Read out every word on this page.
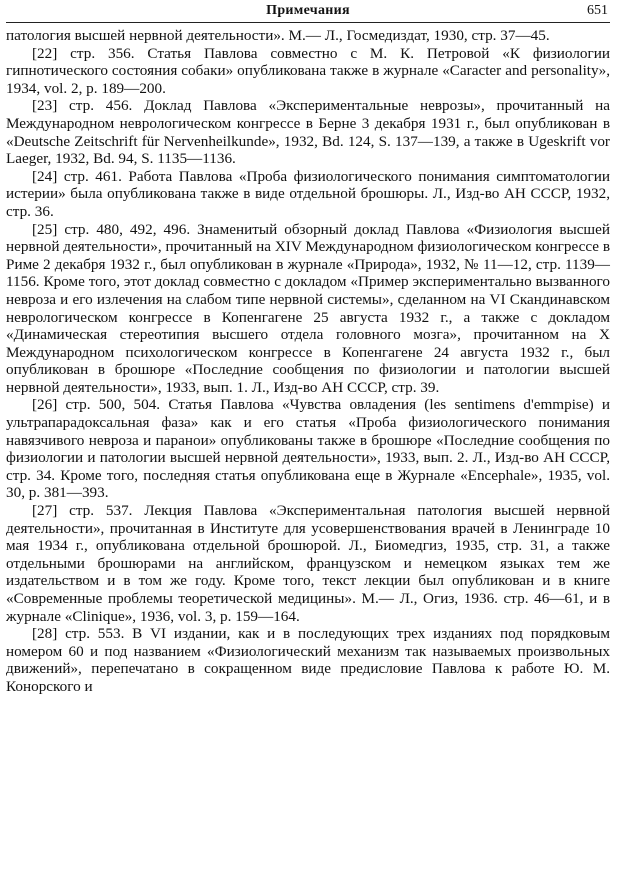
Примечания	651

патология высшей нервной деятельности». М.— Л., Госмедиздат, 1930, стр. 37—45.

[22] стр. 356. Статья Павлова совместно с М. К. Петровой «К физиологии гипнотического состояния собаки» опубликована также в журнале «Caracter and personality», 1934, vol. 2, p. 189—200.

[23] стр. 456. Доклад Павлова «Экспериментальные неврозы», прочитанный на Международном неврологическом конгрессе в Берне 3 декабря 1931 г., был опубликован в «Deutsche Zeitschrift für Nervenheilkunde», 1932, Bd. 124, S. 137—139, а также в Ugeskrift vor Laeger, 1932, Bd. 94, S. 1135—1136.

[24] стр. 461. Работа Павлова «Проба физиологического понимания симптоматологии истерии» была опубликована также в виде отдельной брошюры. Л., Изд-во АН СССР, 1932, стр. 36.

[25] стр. 480, 492, 496. Знаменитый обзорный доклад Павлова «Физиология высшей нервной деятельности», прочитанный на XIV Международном физиологическом конгрессе в Риме 2 декабря 1932 г., был опубликован в журнале «Природа», 1932, № 11—12, стр. 1139—1156. Кроме того, этот доклад совместно с докладом «Пример экспериментально вызванного невроза и его излечения на слабом типе нервной системы», сделанном на VI Скандинавском неврологическом конгрессе в Копенгагене 25 августа 1932 г., а также с докладом «Динамическая стереотипия высшего отдела головного мозга», прочитанном на X Международном психологическом конгрессе в Копенгагене 24 августа 1932 г., был опубликован в брошюре «Последние сообщения по физиологии и патологии высшей нервной деятельности», 1933, вып. 1. Л., Изд-во АН СССР, стр. 39.

[26] стр. 500, 504. Статья Павлова «Чувства овладения (les sentimens d'emmpise) и ультрапарадоксальная фаза» как и его статья «Проба физиологического понимания навязчивого невроза и паранои» опубликованы также в брошюре «Последние сообщения по физиологии и патологии высшей нервной деятельности», 1933, вып. 2. Л., Изд-во АН СССР, стр. 34. Кроме того, последняя статья опубликована еще в Журнале «Encephale», 1935, vol. 30, p. 381—393.

[27] стр. 537. Лекция Павлова «Экспериментальная патология высшей нервной деятельности», прочитанная в Институте для усовершенствования врачей в Ленинграде 10 мая 1934 г., опубликована отдельной брошюрой. Л., Биомедгиз, 1935, стр. 31, а также отдельными брошюрами на английском, французском и немецком языках тем же издательством и в том же году. Кроме того, текст лекции был опубликован и в книге «Современные проблемы теоретической медицины». М.— Л., Огиз, 1936. стр. 46—61, и в журнале «Clinique», 1936, vol. 3, p. 159—164.

[28] стр. 553. В VI издании, как и в последующих трех изданиях под порядковым номером 60 и под названием «Физиологический механизм так называемых произвольных движений», перепечатано в сокращенном виде предисловие Павлова к работе Ю. М. Конорского и
